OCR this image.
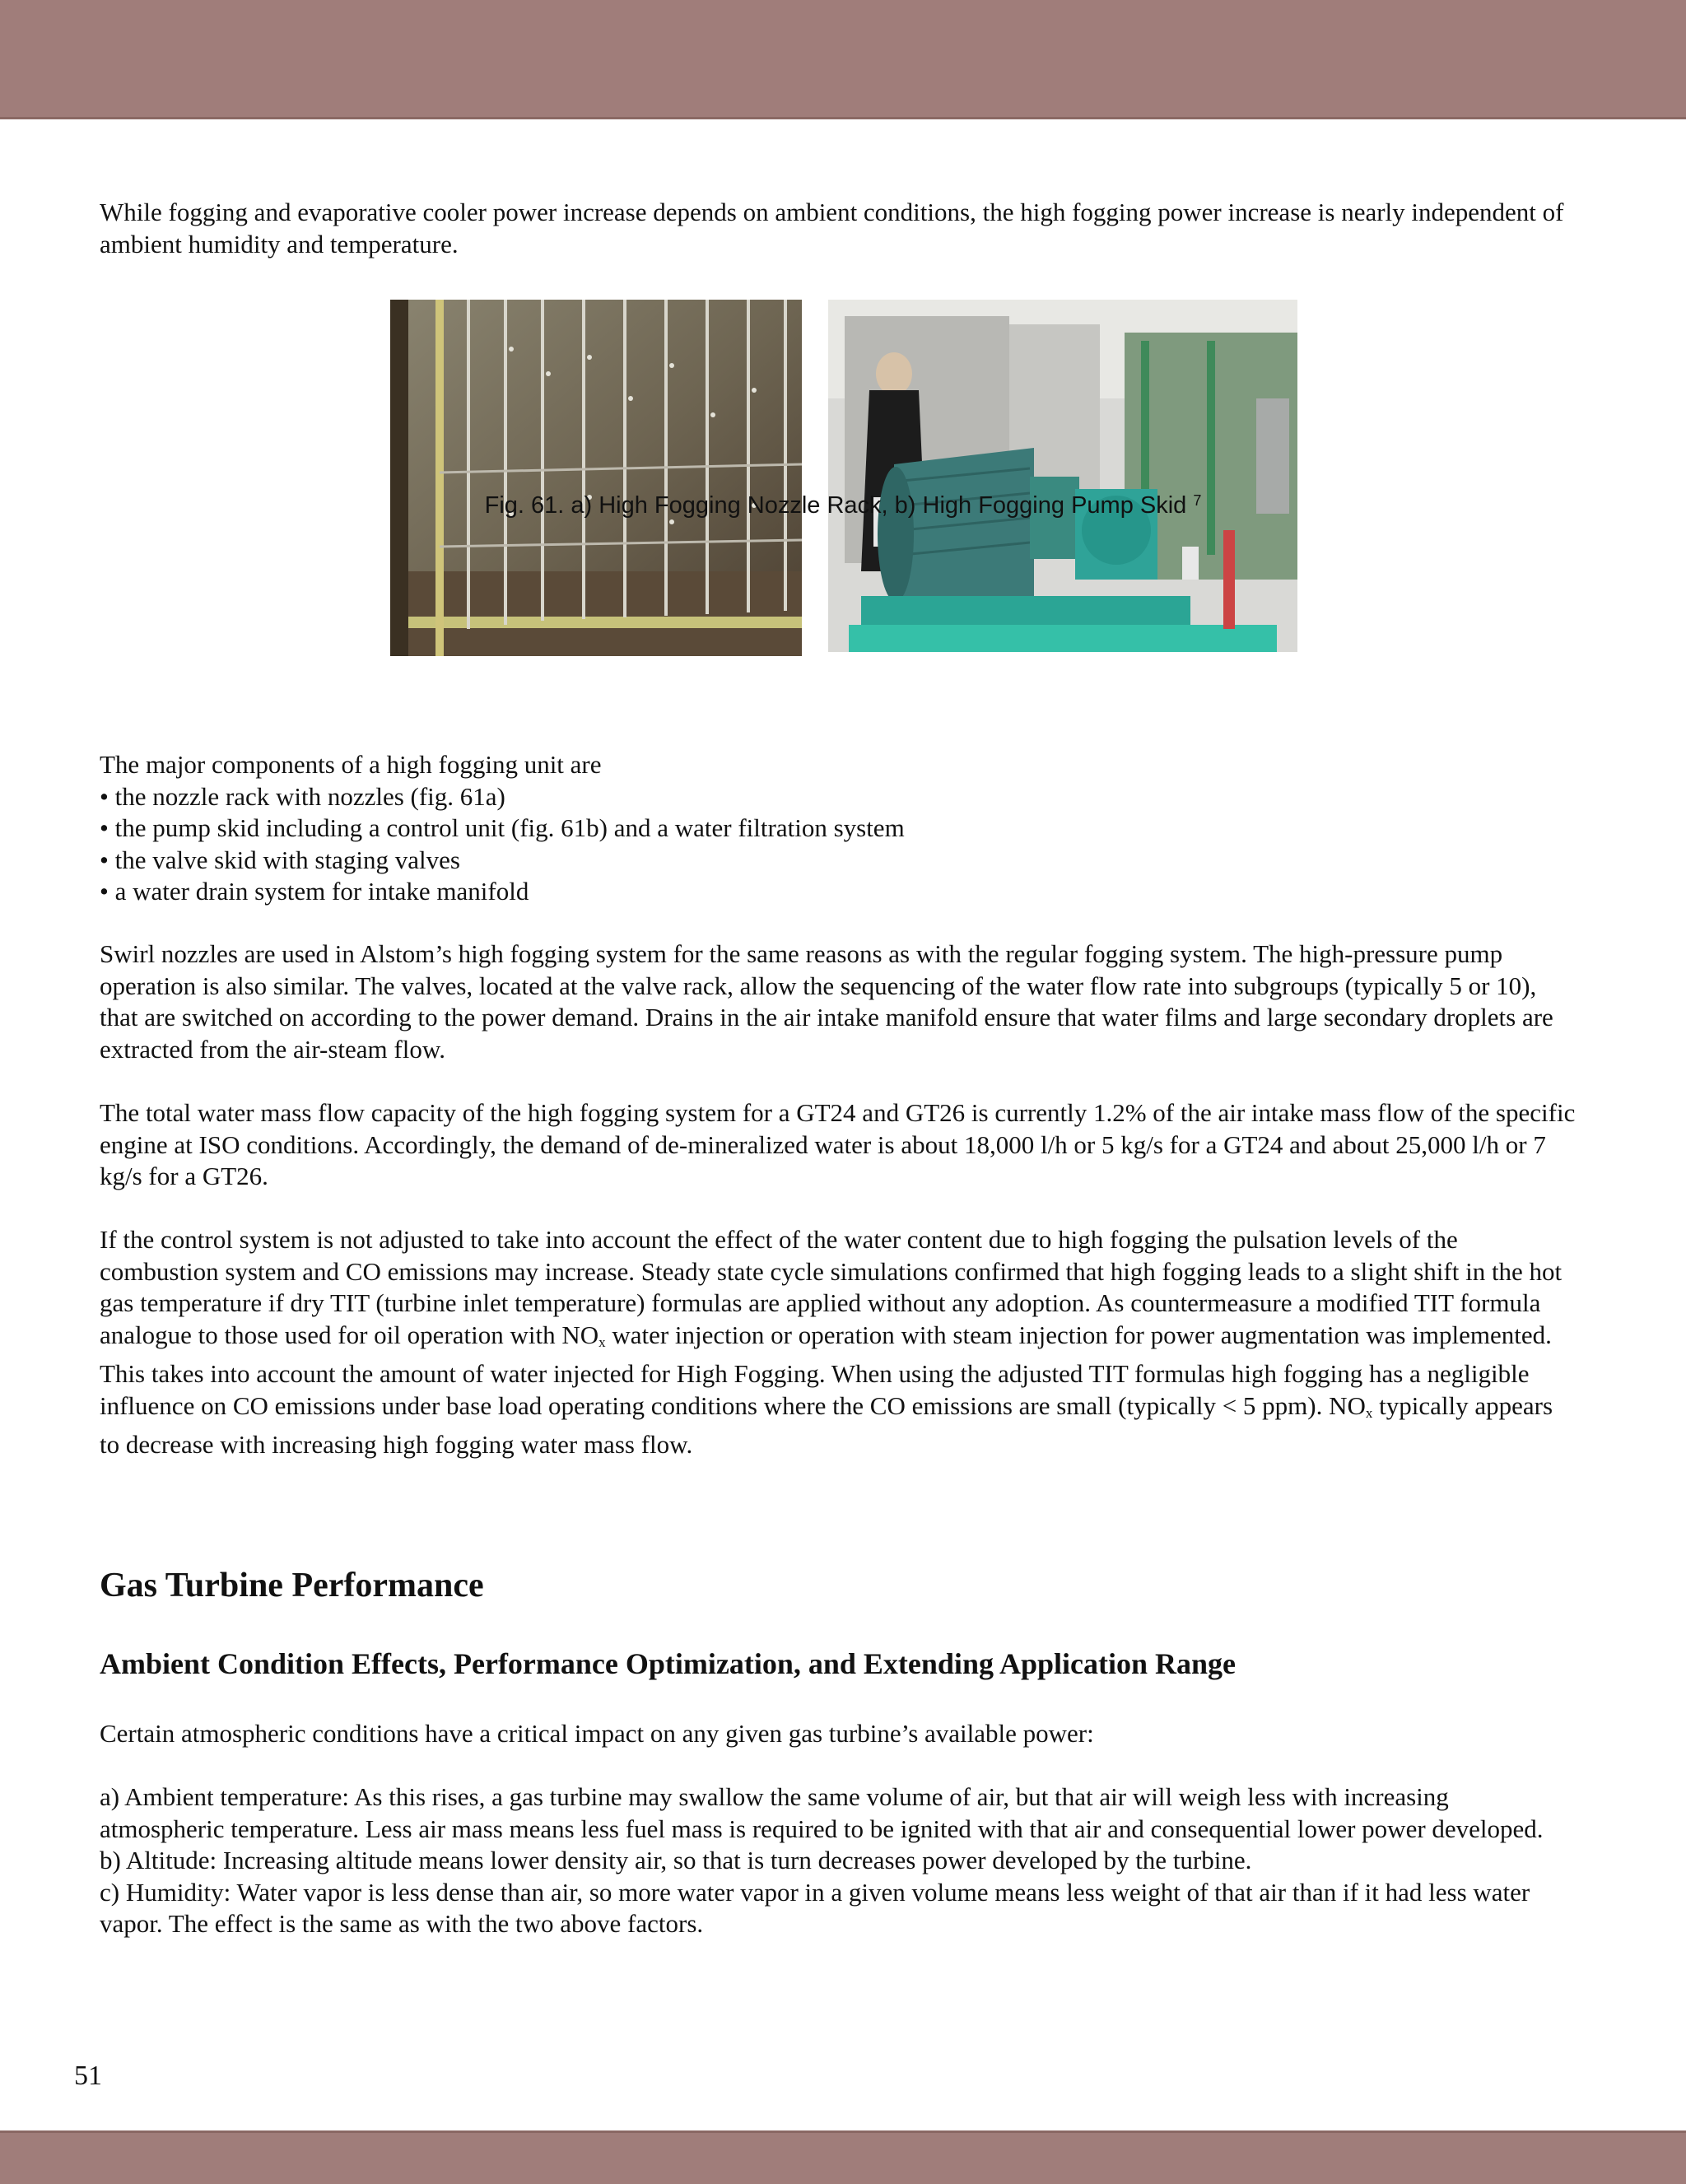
While fogging and evaporative cooler power increase depends on ambient conditions, the high fogging power increase is nearly independent of ambient humidity and temperature.

Fig. 61. a) High Fogging Nozzle Rack, b) High Fogging Pump Skid $^7$
The major components of a high fogging unit are
• the nozzle rack with nozzles (fig. 61a)
• the pump skid including a control unit (fig. 61b) and a water filtration system
• the valve skid with staging valves
• a water drain system for intake manifold
Swirl nozzles are used in Alstom’s high fogging system for the same reasons as with the regular fogging system. The high-pressure pump operation is also similar. The valves, located at the valve rack, allow the sequencing of the water flow rate into subgroups (typically 5 or 10), that are switched on according to the power demand. Drains in the air intake manifold ensure that water films and large secondary droplets are extracted from the air-steam flow.
The total water mass flow capacity of the high fogging system for a GT24 and GT26 is currently 1.2% of the air intake mass flow of the specific engine at ISO conditions. Accordingly, the demand of de-mineralized water is about 18,000 l/h or 5 kg/s for a GT24 and about 25,000 l/h or 7 kg/s for a GT26.
If the control system is not adjusted to take into account the effect of the water content due to high fogging the pulsation levels of the combustion system and CO emissions may increase. Steady state cycle simulations confirmed that high fogging leads to a slight shift in the hot gas temperature if dry TIT (turbine inlet temperature) formulas are applied without any adoption. As countermeasure a modified TIT formula analogue to those used for oil operation with NOx water injection or operation with steam injection for power augmentation was implemented. This takes into account the amount of water injected for High Fogging. When using the adjusted TIT formulas high fogging has a negligible influence on CO emissions under base load operating conditions where the CO emissions are small (typically < 5 ppm). NOx typically appears to decrease with increasing high fogging water mass flow.
Gas Turbine Performance
Ambient Condition Effects, Performance Optimization, and Extending Application Range
Certain atmospheric conditions have a critical impact on any given gas turbine’s available power:
a) Ambient temperature: As this rises, a gas turbine may swallow the same volume of air, but that air will weigh less with increasing atmospheric temperature. Less air mass means less fuel mass is required to be ignited with that air and consequential lower power developed.
b) Altitude: Increasing altitude means lower density air, so that is turn decreases power developed by the turbine.
c) Humidity: Water vapor is less dense than air, so more water vapor in a given volume means less weight of that air than if it had less water vapor. The effect is the same as with the two above factors.
51
